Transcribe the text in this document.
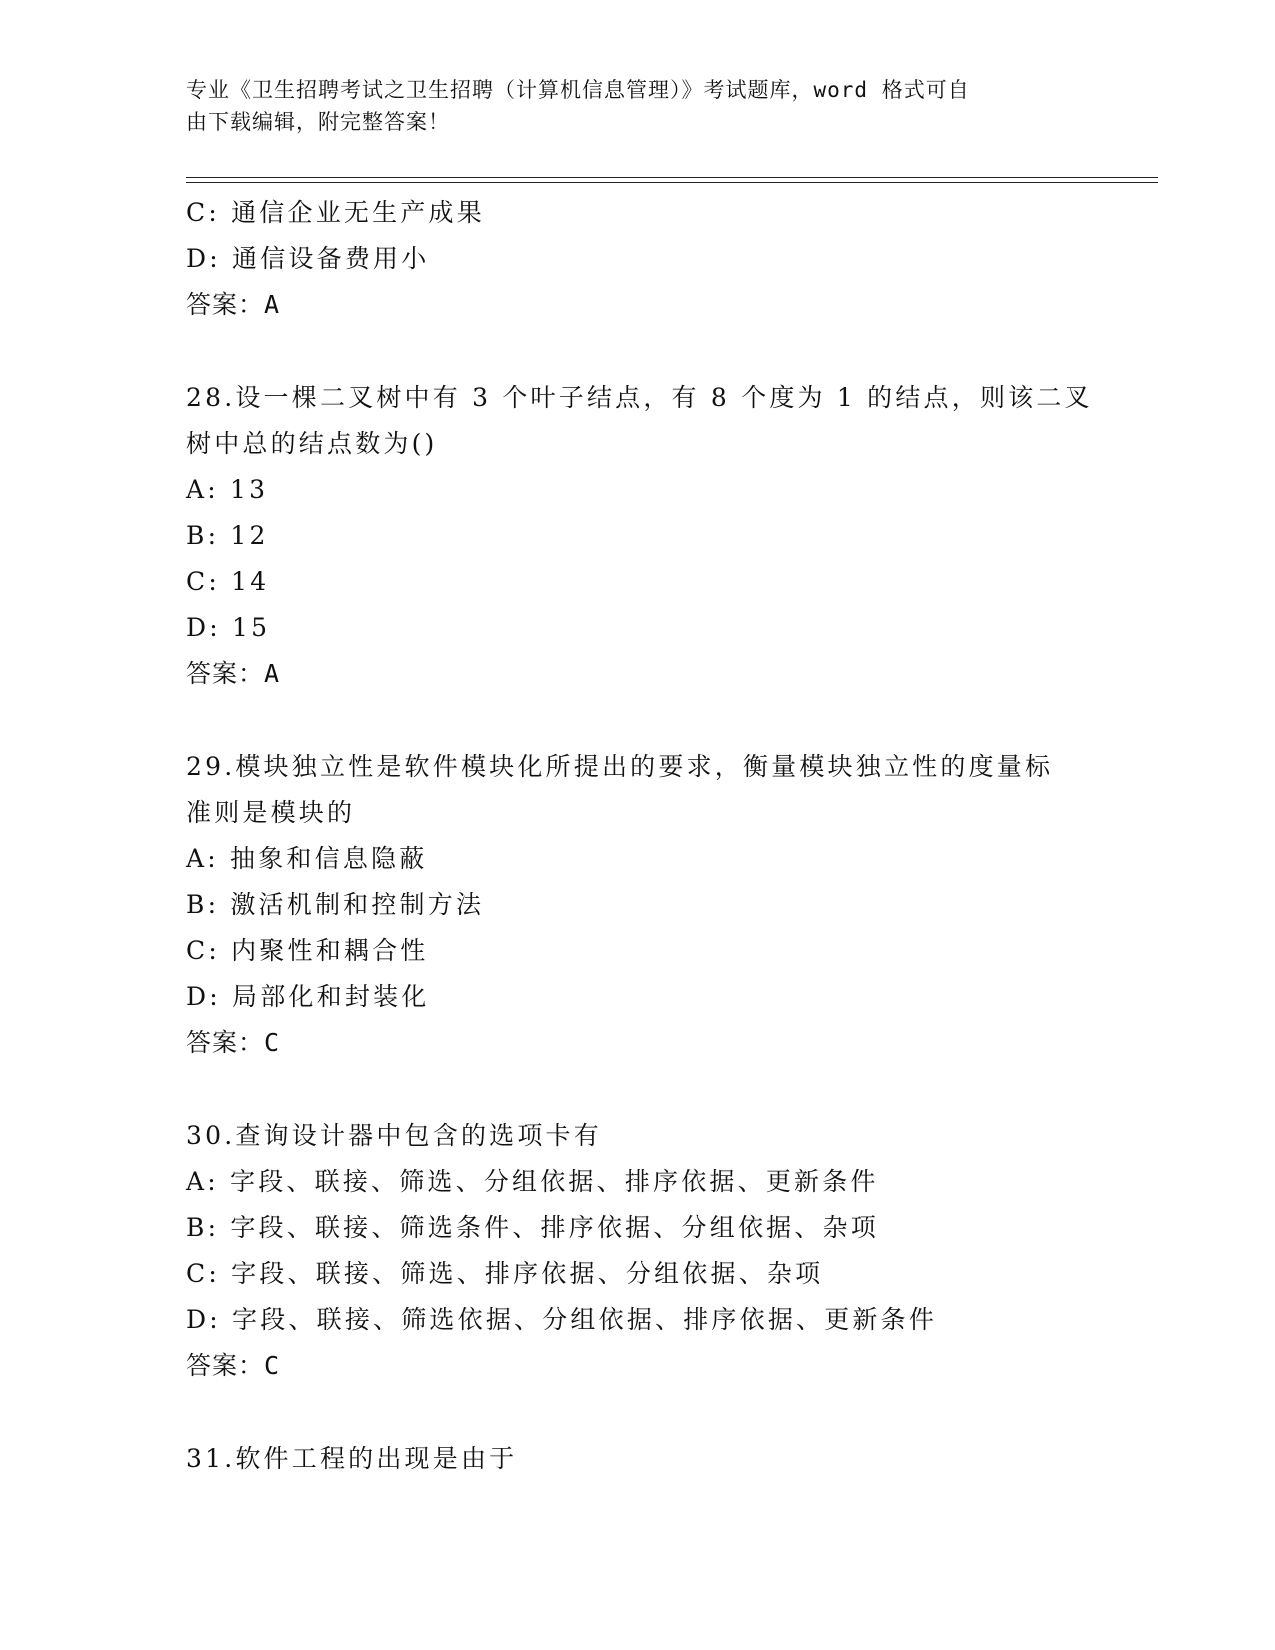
专业《卫生招聘考试之卫生招聘（计算机信息管理）》考试题库，word 格式可自
由下载编辑，附完整答案！
C: 通信企业无生产成果
D: 通信设备费用小
答案：A
28.设一棵二叉树中有 3 个叶子结点，有 8 个度为 1 的结点，则该二叉
树中总的结点数为()
A: 13
B: 12
C: 14
D: 15
答案：A
29.模块独立性是软件模块化所提出的要求，衡量模块独立性的度量标
准则是模块的
A: 抽象和信息隐蔽
B: 激活机制和控制方法
C: 内聚性和耦合性
D: 局部化和封装化
答案：C
30.查询设计器中包含的选项卡有
A: 字段、联接、筛选、分组依据、排序依据、更新条件
B: 字段、联接、筛选条件、排序依据、分组依据、杂项
C: 字段、联接、筛选、排序依据、分组依据、杂项
D: 字段、联接、筛选依据、分组依据、排序依据、更新条件
答案：C
31.软件工程的出现是由于
